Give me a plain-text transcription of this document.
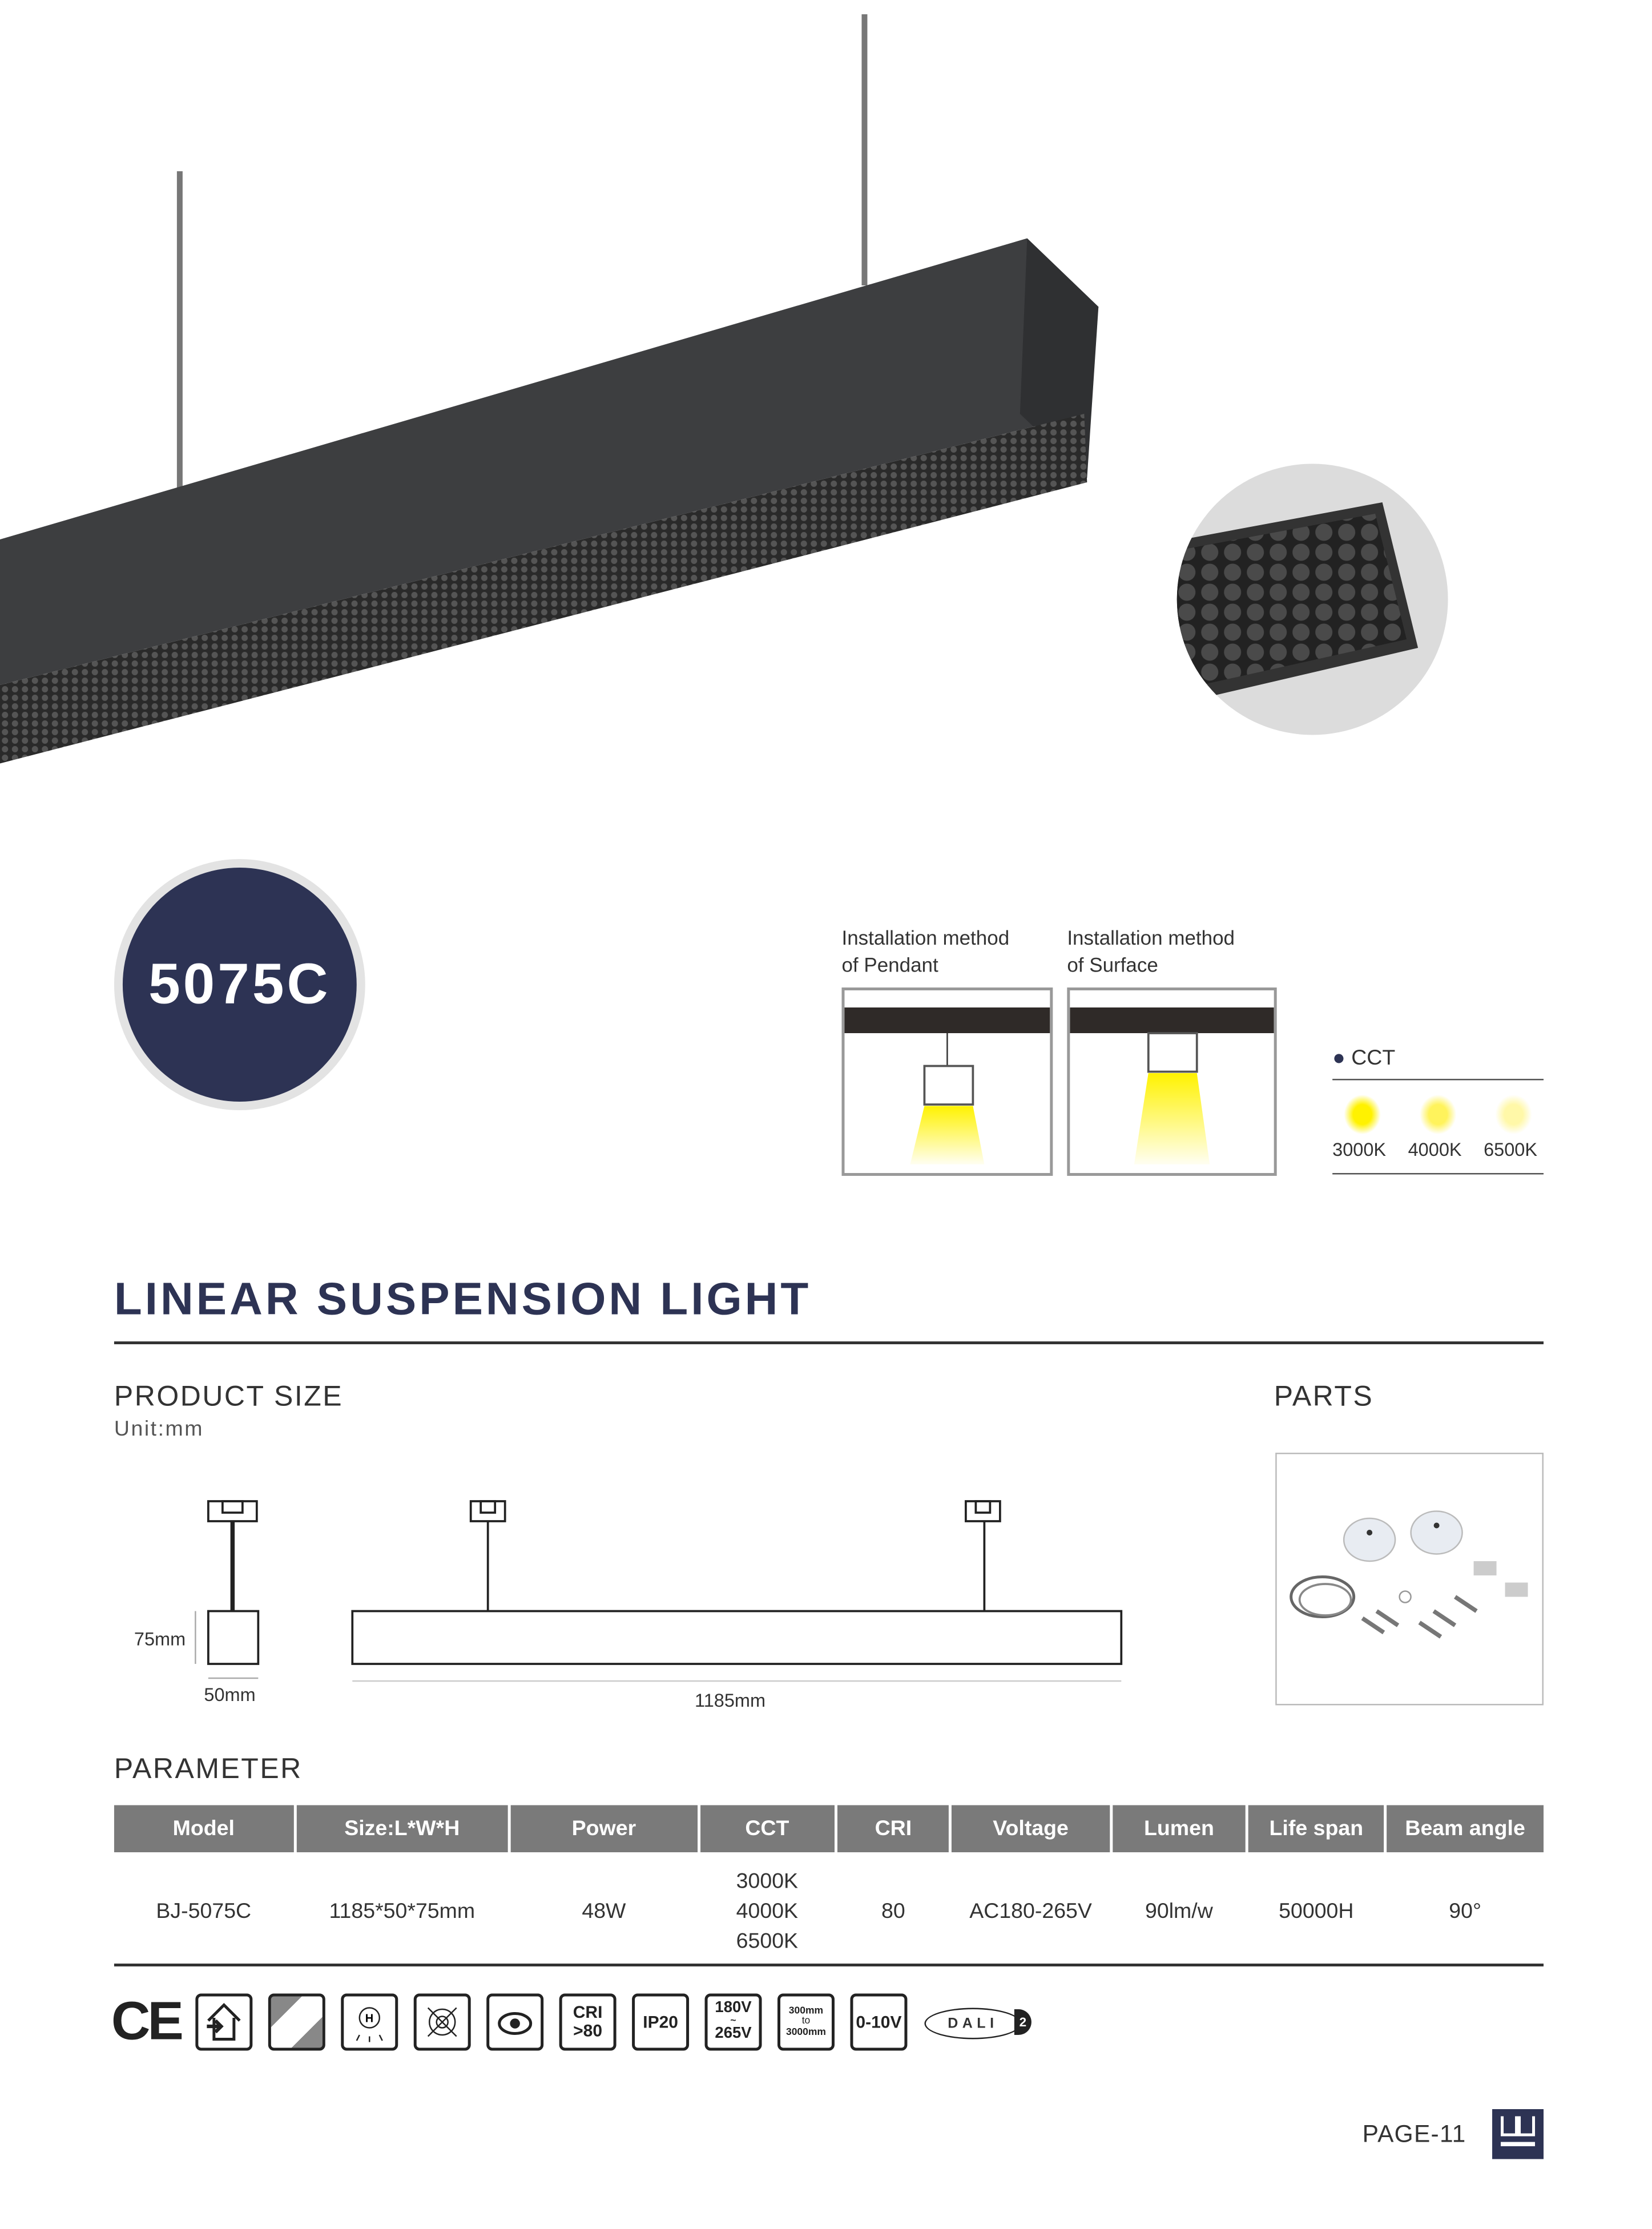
5075C
Installation method
of Pendant
Installation method
of Surface
● CCT
3000K	4000K	6500K
LINEAR SUSPENSION LIGHT
PRODUCT SIZE
Unit:mm
75mm
50mm	1185mm
PARTS
PARAMETER
Model	Size:L*W*H	Power	CCT	CRI	Voltage	Lumen	Life span	Beam angle
BJ-5075C	1185*50*75mm	48W	3000K
4000K
6500K	80	AC180-265V	90lm/w	50000H	90°
CE	H	CRI
>80	IP20
180V
~
265V
300mm
to
3000mm
0-10V	DALI	2
PAGE-11
